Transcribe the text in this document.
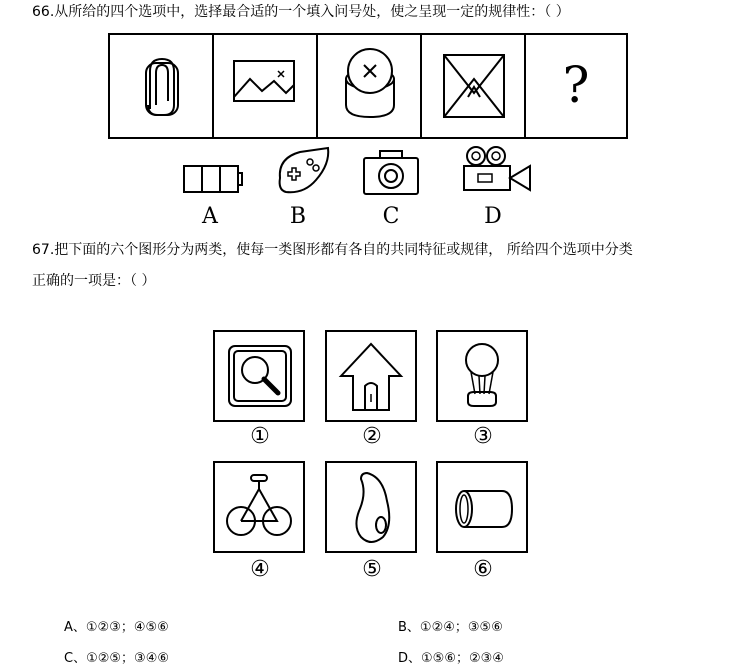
66.从所给的四个选项中，选择最合适的一个填入问号处，使之呈现一定的规律性：（ ）
?
A	B	C	D
67.把下面的六个图形分为两类，使每一类图形都有各自的共同特征或规律， 所给四个选项中分类
正确的一项是：（ ）
①	②	③
④	⑤	⑥
A、①②③；④⑤⑥	B、①②④；③⑤⑥
C、①②⑤；③④⑥	D、①⑤⑥；②③④
